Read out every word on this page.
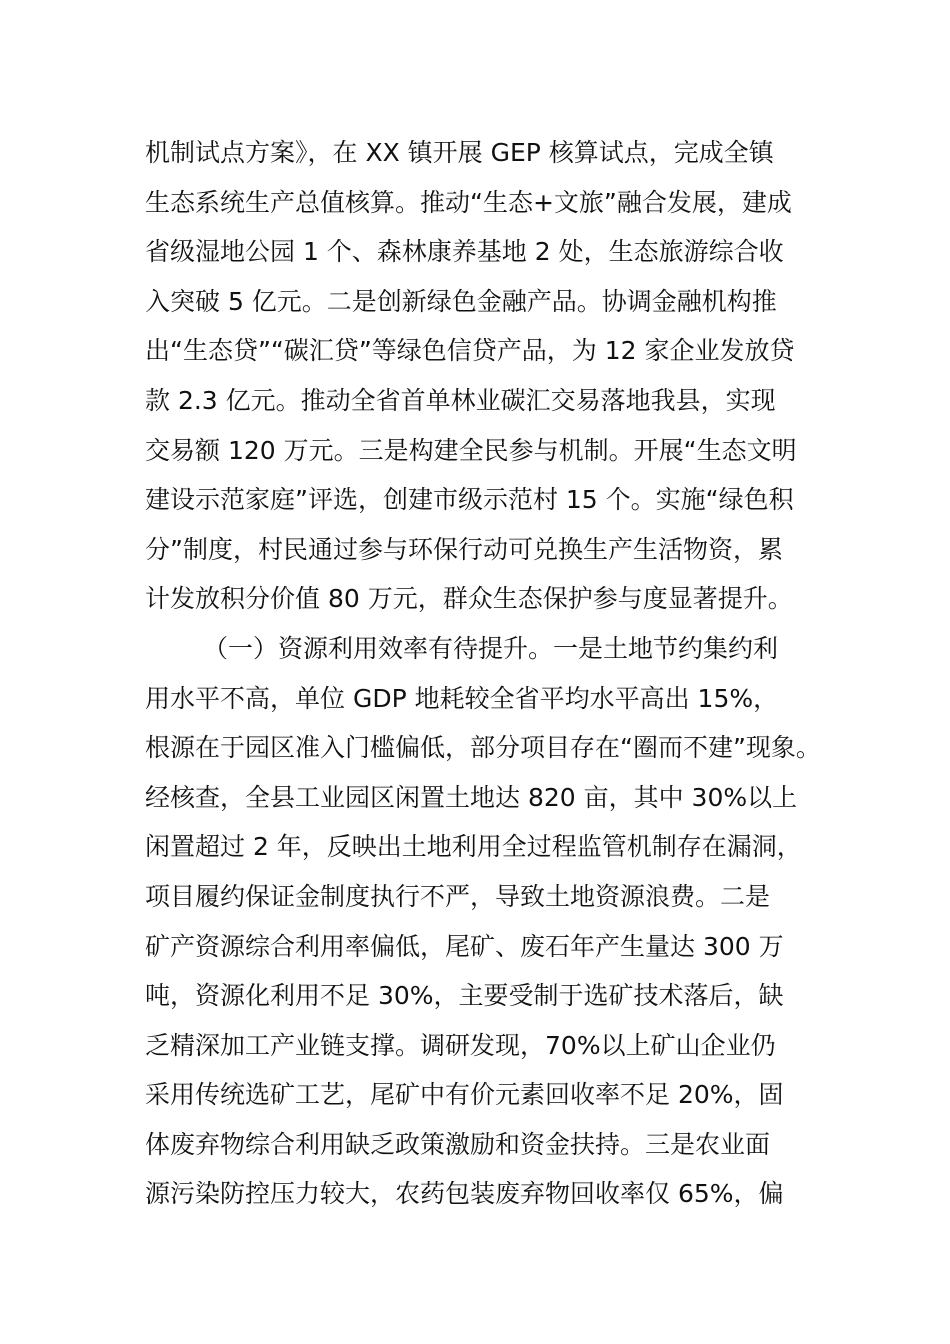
机制试点方案》，在 XX 镇开展 GEP 核算试点，完成全镇
生态系统生产总值核算。推动“生态+文旅”融合发展，建成
省级湿地公园 1 个、森林康养基地 2 处，生态旅游综合收
入突破 5 亿元。二是创新绿色金融产品。协调金融机构推
出“生态贷”“碳汇贷”等绿色信贷产品，为 12 家企业发放贷
款 2.3 亿元。推动全省首单林业碳汇交易落地我县，实现
交易额 120 万元。三是构建全民参与机制。开展“生态文明
建设示范家庭”评选，创建市级示范村 15 个。实施“绿色积
分”制度，村民通过参与环保行动可兑换生产生活物资，累
计发放积分价值 80 万元，群众生态保护参与度显著提升。
（一）资源利用效率有待提升。一是土地节约集约利
用水平不高，单位 GDP 地耗较全省平均水平高出 15%，
根源在于园区准入门槛偏低，部分项目存在“圈而不建”现象。
经核查，全县工业园区闲置土地达 820 亩，其中 30%以上
闲置超过 2 年，反映出土地利用全过程监管机制存在漏洞，
项目履约保证金制度执行不严，导致土地资源浪费。二是
矿产资源综合利用率偏低，尾矿、废石年产生量达 300 万
吨，资源化利用不足 30%，主要受制于选矿技术落后，缺
乏精深加工产业链支撑。调研发现，70%以上矿山企业仍
采用传统选矿工艺，尾矿中有价元素回收率不足 20%，固
体废弃物综合利用缺乏政策激励和资金扶持。三是农业面
源污染防控压力较大，农药包装废弃物回收率仅 65%，偏
